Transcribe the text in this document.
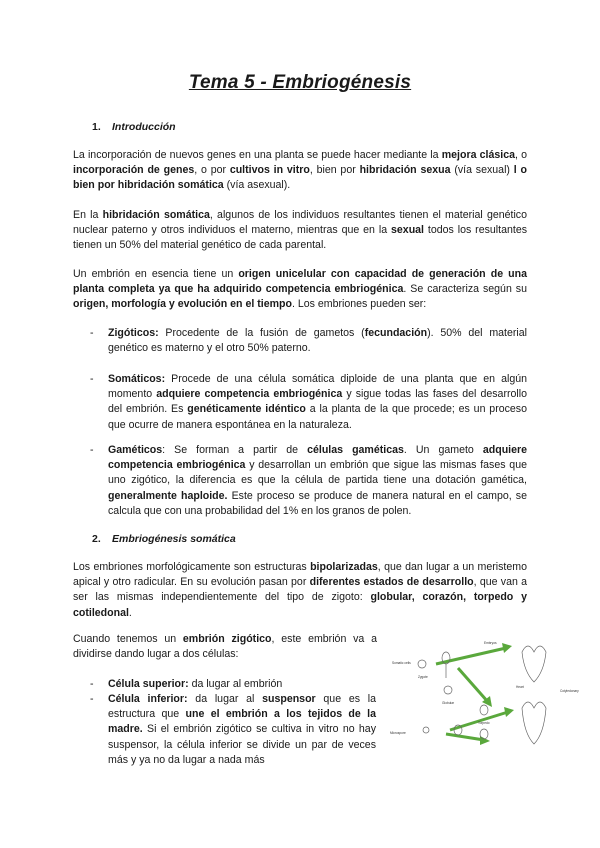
Tema 5 - Embriogénesis
1. Introducción

La incorporación de nuevos genes en una planta se puede hacer mediante la mejora clásica, o incorporación de genes, o por cultivos in vitro, bien por hibridación sexua (vía sexual) l o bien por hibridación somática (vía asexual).

En la hibridación somática, algunos de los individuos resultantes tienen el material genético nuclear paterno y otros individuos el materno, mientras que en la sexual todos los resultantes tienen un 50% del material genético de cada parental.

Un embrión en esencia tiene un origen unicelular con capacidad de generación de una planta completa ya que ha adquirido competencia embriogénica. Se caracteriza según su origen, morfología y evolución en el tiempo. Los embriones pueden ser:

- Zigóticos: Procedente de la fusión de gametos (fecundación). 50% del material genético es materno y el otro 50% paterno.
- Somáticos: Procede de una célula somática diploide de una planta que en algún momento adquiere competencia embriogénica y sigue todas las fases del desarrollo del embrión. Es genéticamente idéntico a la planta de la que procede; es un proceso que ocurre de manera espontánea en la naturaleza.
- Gaméticos: Se forman a partir de células gaméticas. Un gameto adquiere competencia embriogénica y desarrollan un embrión que sigue las mismas fases que uno zigótico, la diferencia es que la célula de partida tiene una dotación gamética, generalmente haploide. Este proceso se produce de manera natural en el campo, se calcula que con una probabilidad del 1% en los granos de polen.
2. Embriogénesis somática

Los embriones morfológicamente son estructuras bipolarizadas, que dan lugar a un meristemo apical y otro radicular. En su evolución pasan por diferentes estados de desarrollo, que van a ser las mismas independientemente del tipo de zigoto: globular, corazón, torpedo y cotiledonal.

Cuando tenemos un embrión zigótico, este embrión va a dividirse dando lugar a dos células:

- Célula superior: da lugar al embrión
- Célula inferior: da lugar al suspensor que es la estructura que une el embrión a los tejidos de la madre. Si el embrión zigótico se cultiva in vitro no hay suspensor, la célula inferior se divide un par de veces más y ya no da lugar a nada más
Somatic cells
Zygote
Globular
Heart
Torpedo
Cotyledonary
Microspore
Embryos
